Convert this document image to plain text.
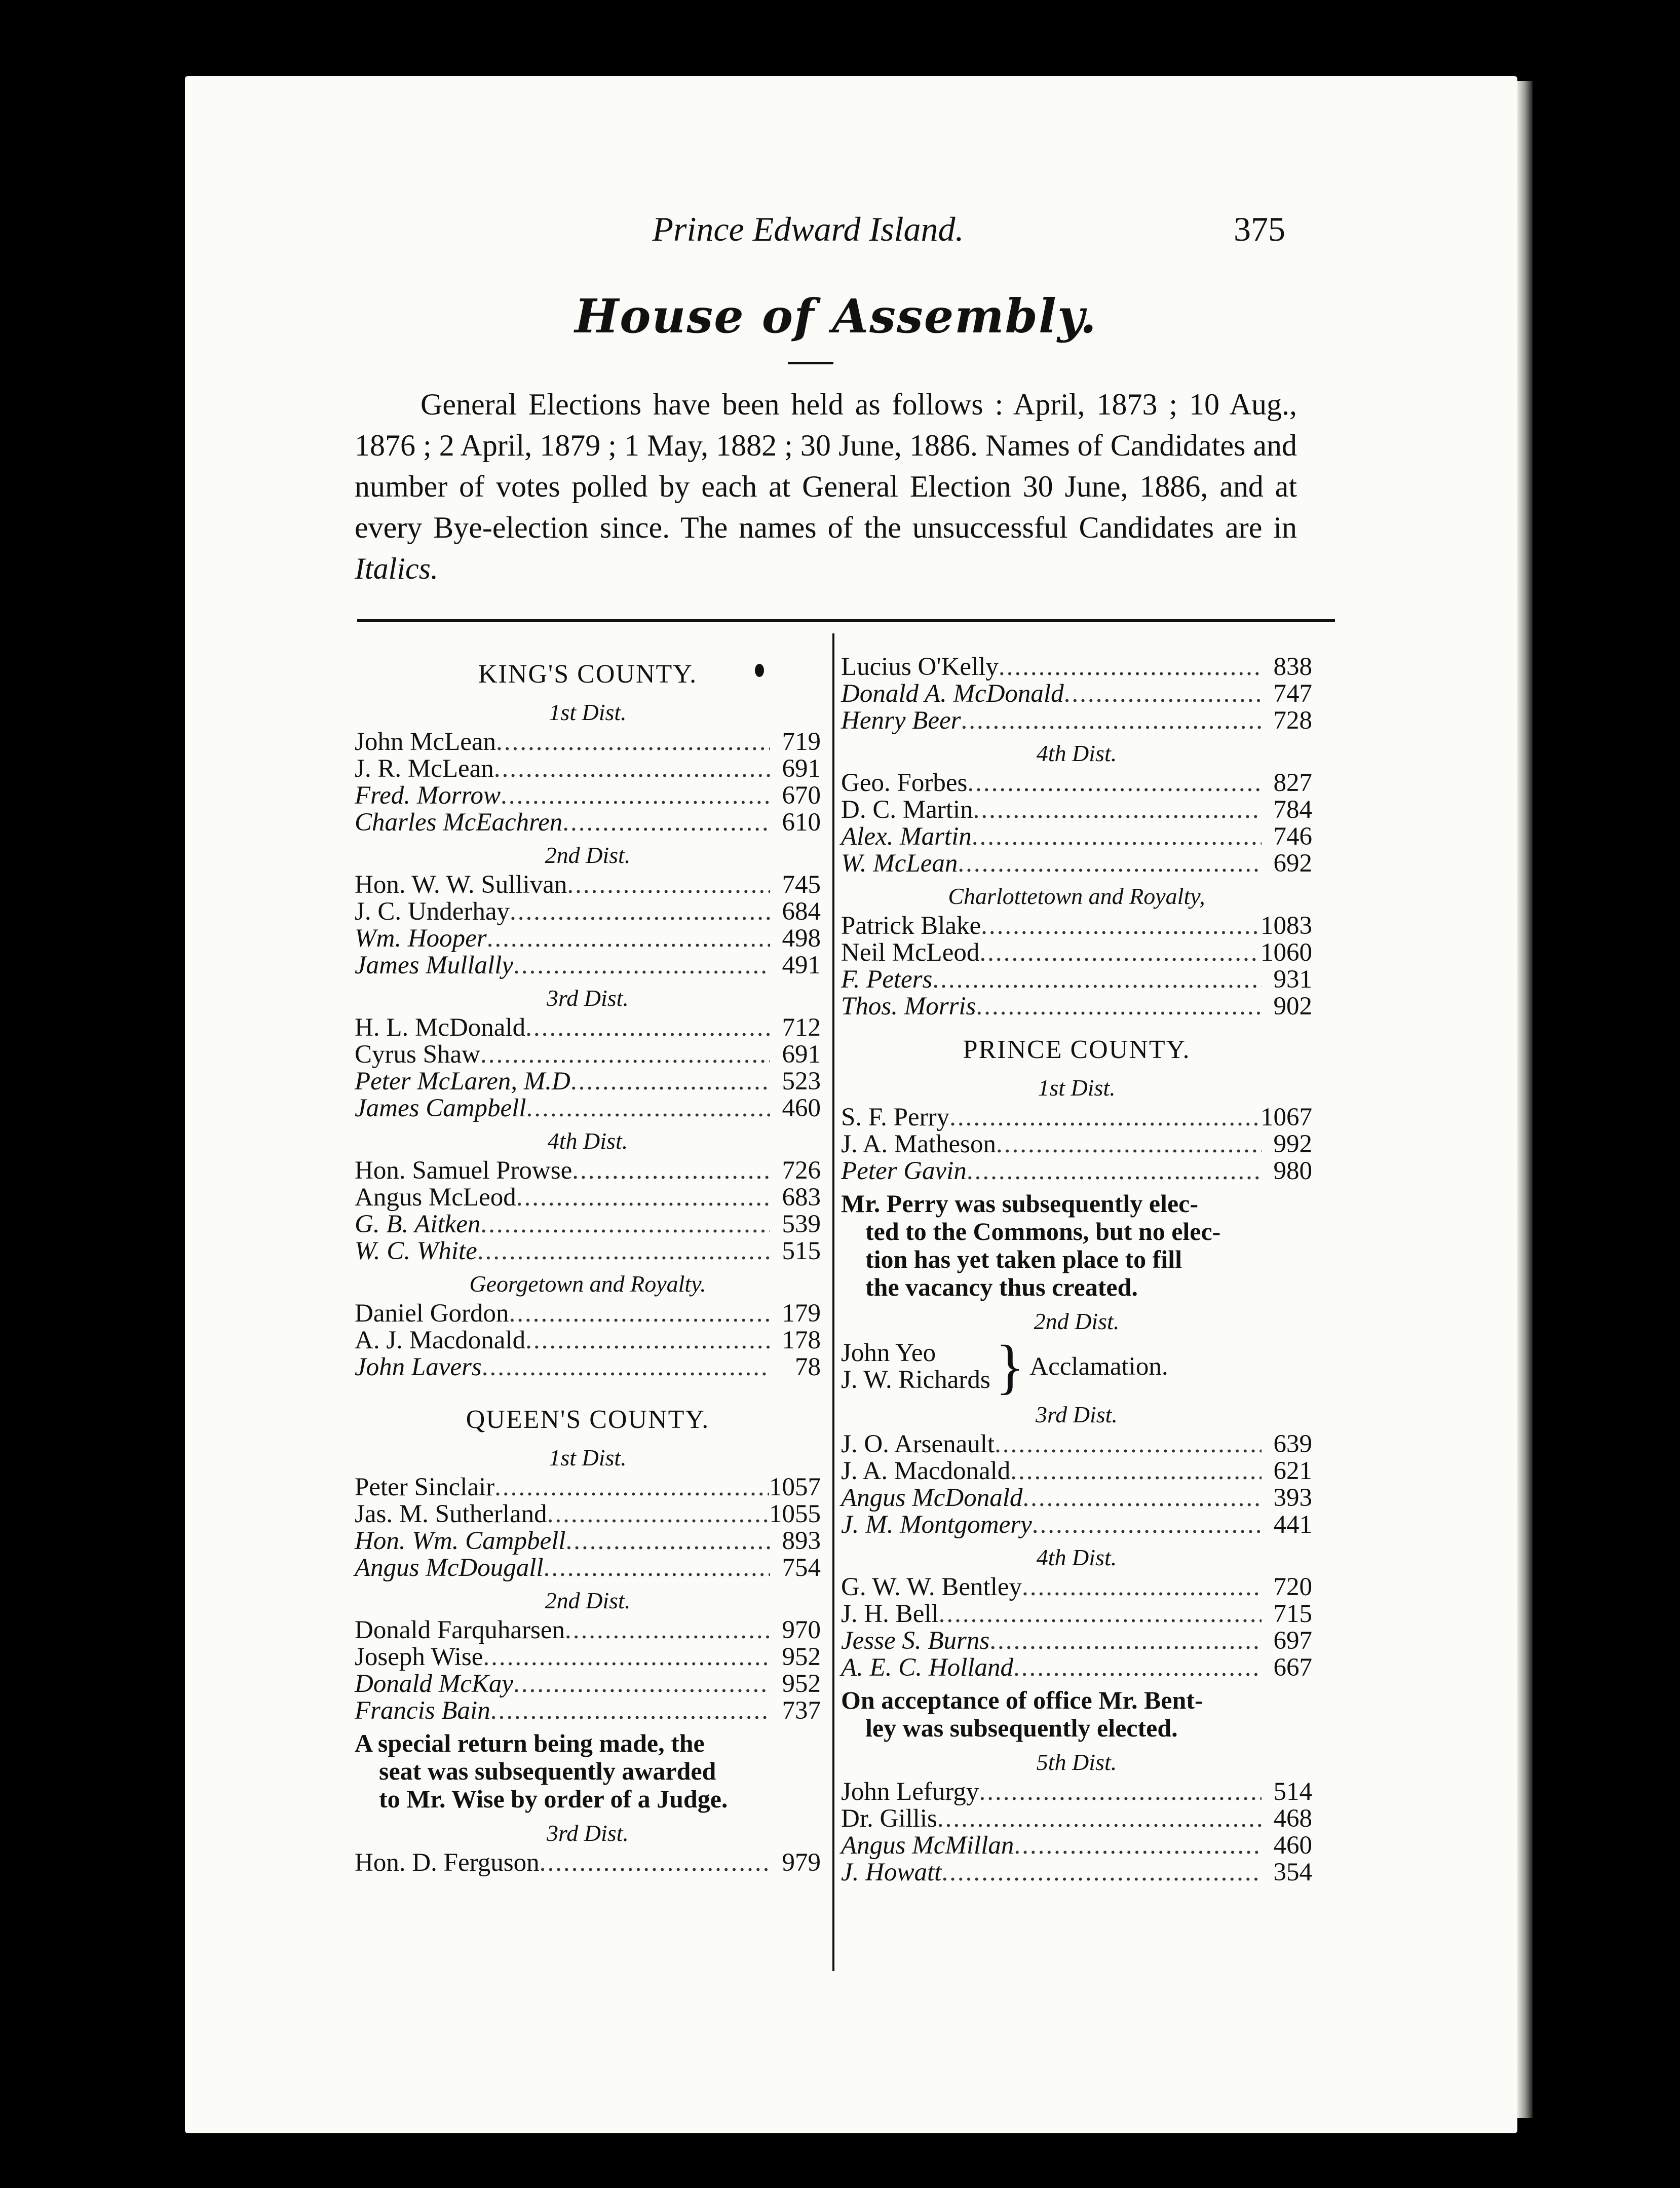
Prince Edward Island.	375
House of Assembly.
General Elections have been held as follows : April, 1873 ; 10 Aug., 1876 ; 2 April, 1879 ; 1 May, 1882 ; 30 June, 1886. Names of Candidates and number of votes polled by each at General Election 30 June, 1886, and at every Bye-election since. The names of the unsuccessful Candidates are in Italics.
KING'S COUNTY.
1st Dist.
John McLean .....	719
J. R. McLean .....	691
Fred. Morrow .....	670
Charles McEachren .....	610
2nd Dist.
Hon. W. W. Sullivan .....	745
J. C. Underhay .....	684
Wm. Hooper .....	498
James Mullally .....	491
3rd Dist.
H. L. McDonald .....	712
Cyrus Shaw .....	691
Peter McLaren, M.D .....	523
James Campbell .....	460
4th Dist.
Hon. Samuel Prowse .....	726
Angus McLeod .....	683
G. B. Aitken .....	539
W. C. White .....	515
Georgetown and Royalty.
Daniel Gordon .....	179
A. J. Macdonald .....	178
John Lavers .....	78
QUEEN'S COUNTY.
1st Dist.
Peter Sinclair .....	1057
Jas. M. Sutherland .....	1055
Hon. Wm. Campbell .....	893
Angus McDougall .....	754
2nd Dist.
Donald Farquharsen .....	970
Joseph Wise .....	952
Donald McKay .....	952
Francis Bain .....	737
A special return being made, the
seat was subsequently awarded
to Mr. Wise by order of a Judge.
3rd Dist.
Hon. D. Ferguson .....	979
Lucius O'Kelly .....	838
Donald A. McDonald .....	747
Henry Beer .....	728
4th Dist.
Geo. Forbes .....	827
D. C. Martin .....	784
Alex. Martin .....	746
W. McLean .....	692
Charlottetown and Royalty,
Patrick Blake .....	1083
Neil McLeod .....	1060
F. Peters .....	931
Thos. Morris .....	902
PRINCE COUNTY.
1st Dist.
S. F. Perry .....	1067
J. A. Matheson .....	992
Peter Gavin .....	980
Mr. Perry was subsequently elec-
ted to the Commons, but no elec-
tion has yet taken place to fill
the vacancy thus created.
2nd Dist.
John Yeo
J. W. Richards } Acclamation.
3rd Dist.
J. O. Arsenault .....	639
J. A. Macdonald .....	621
Angus McDonald .....	393
J. M. Montgomery .....	441
4th Dist.
G. W. W. Bentley .....	720
J. H. Bell .....	715
Jesse S. Burns .....	697
A. E. C. Holland .....	667
On acceptance of office Mr. Bent-
ley was subsequently elected.
5th Dist.
John Lefurgy .....	514
Dr. Gillis .....	468
Angus McMillan .....	460
J. Howatt .....	354
